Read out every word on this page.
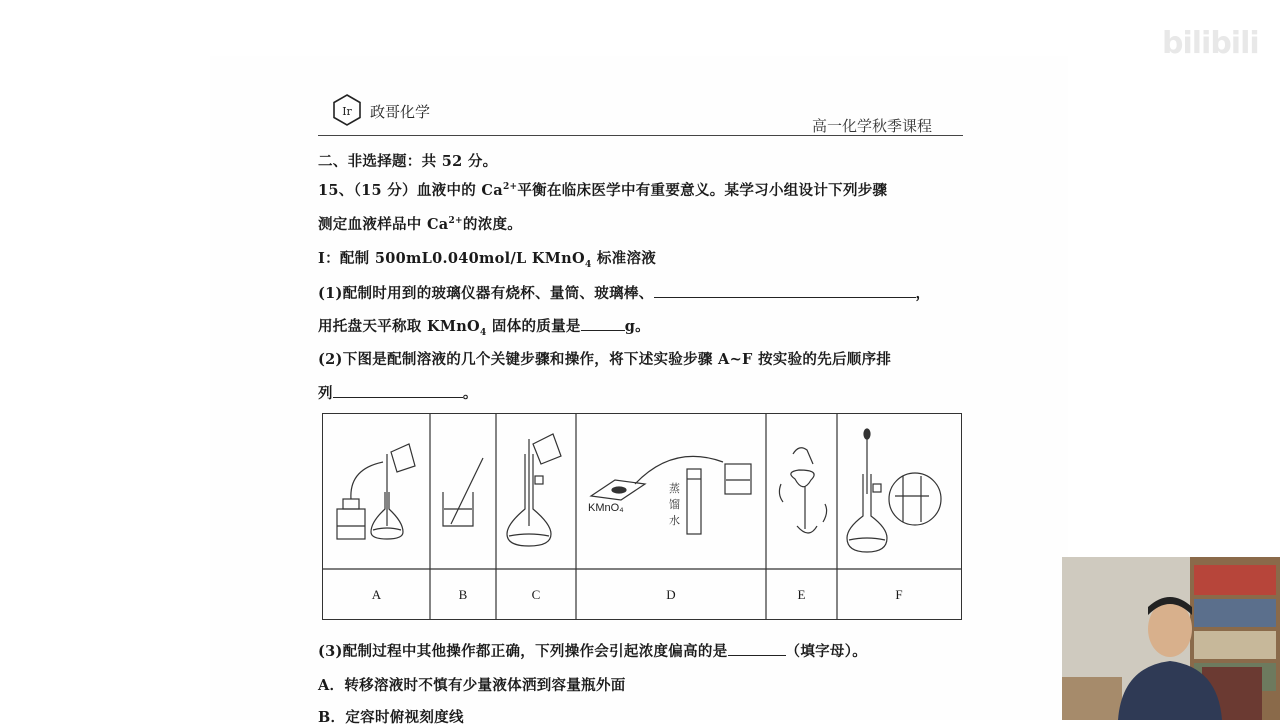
Ir 政哥化学
高一化学秋季课程
二、非选择题：共 52 分。
15、（15 分）血液中的 $Ca^{2+}$平衡在临床医学中有重要意义。某学习小组设计下列步骤
测定血液样品中 $Ca^{2+}$的浓度。
I：配制 500mL0.040mol/L KMnO$_4$ 标准溶液
(1)配制时用到的玻璃仪器有烧杯、量筒、玻璃棒、	，
用托盘天平称取 KMnO$_4$ 固体的质量是	g。
(2)下图是配制溶液的几个关键步骤和操作，将下述实验步骤 A~F 按实验的先后顺序排
列	。
KMnO₄
蒸
馏
水
A	B	C	D	E	F
(3)配制过程中其他操作都正确，下列操作会引起浓度偏高的是	（填字母）。
A．转移溶液时不慎有少量液体洒到容量瓶外面
B．定容时俯视刻度线
bilibili
